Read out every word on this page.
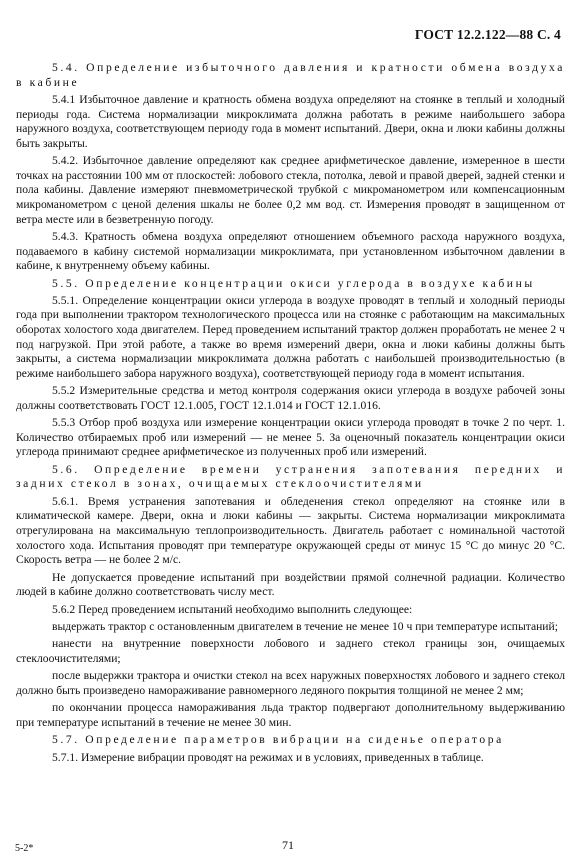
ГОСТ 12.2.122—88 С. 4

5.4. Определение избыточного давления и кратности обмена воздуха в кабине

5.4.1 Избыточное давление и кратность обмена воздуха определяют на стоянке в теплый и холодный периоды года. Система нормализации микроклимата должна работать в режиме наибольшего забора наружного воздуха, соответствующем периоду года в момент испытаний. Двери, окна и люки кабины должны быть закрыты.

5.4.2. Избыточное давление определяют как среднее арифметическое давление, измеренное в шести точках на расстоянии 100 мм от плоскостей: лобового стекла, потолка, левой и правой дверей, задней стенки и пола кабины. Давление измеряют пневмометрической трубкой с микроманометром или компенсационным микроманометром с ценой деления шкалы не более 0,2 мм вод. ст. Измерения проводят в защищенном от ветра месте или в безветренную погоду.

5.4.3. Кратность обмена воздуха определяют отношением объемного расхода наружного воздуха, подаваемого в кабину системой нормализации микроклимата, при установленном избыточном давлении в кабине, к внутреннему объему кабины.

5.5. Определение концентрации окиси углерода в воздухе кабины

5.5.1. Определение концентрации окиси углерода в воздухе проводят в теплый и холодный периоды года при выполнении трактором технологического процесса или на стоянке с работающим на максимальных оборотах холостого хода двигателем. Перед проведением испытаний трактор должен проработать не менее 2 ч под нагрузкой. При этой работе, а также во время измерений двери, окна и люки кабины должны быть закрыты, а система нормализации микроклимата должна работать с наибольшей производительностью (в режиме наибольшего забора наружного воздуха), соответствующей периоду года в момент испытания.

5.5.2 Измерительные средства и метод контроля содержания окиси углерода в воздухе рабочей зоны должны соответствовать ГОСТ 12.1.005, ГОСТ 12.1.014 и ГОСТ 12.1.016.

5.5.3 Отбор проб воздуха или измерение концентрации окиси углерода проводят в точке 2 по черт. 1. Количество отбираемых проб или измерений — не менее 5. За оценочный показатель концентрации окиси углерода принимают среднее арифметическое из полученных проб или измерений.

5.6. Определение времени устранения запотевания передних и задних стекол в зонах, очищаемых стеклоочистителями

5.6.1. Время устранения запотевания и обледенения стекол определяют на стоянке или в климатической камере. Двери, окна и люки кабины — закрыты. Система нормализации микроклимата отрегулирована на максимальную теплопроизводительность. Двигатель работает с номинальной частотой холостого хода. Испытания проводят при температуре окружающей среды от минус 15 °С до минус 20 °С. Скорость ветра — не более 2 м/с.

Не допускается проведение испытаний при воздействии прямой солнечной радиации. Количество людей в кабине должно соответствовать числу мест.

5.6.2 Перед проведением испытаний необходимо выполнить следующее:

выдержать трактор с остановленным двигателем в течение не менее 10 ч при температуре испытаний;

нанести на внутренние поверхности лобового и заднего стекол границы зон, очищаемых стеклоочистителями;

после выдержки трактора и очистки стекол на всех наружных поверхностях лобового и заднего стекол должно быть произведено намораживание равномерного ледяного покрытия толщиной не менее 2 мм;

по окончании процесса намораживания льда трактор подвергают дополнительному выдерживанию при температуре испытаний в течение не менее 30 мин.

5.7. Определение параметров вибрации на сиденье оператора

5.7.1. Измерение вибрации проводят на режимах и в условиях, приведенных в таблице.

5-2*	71
